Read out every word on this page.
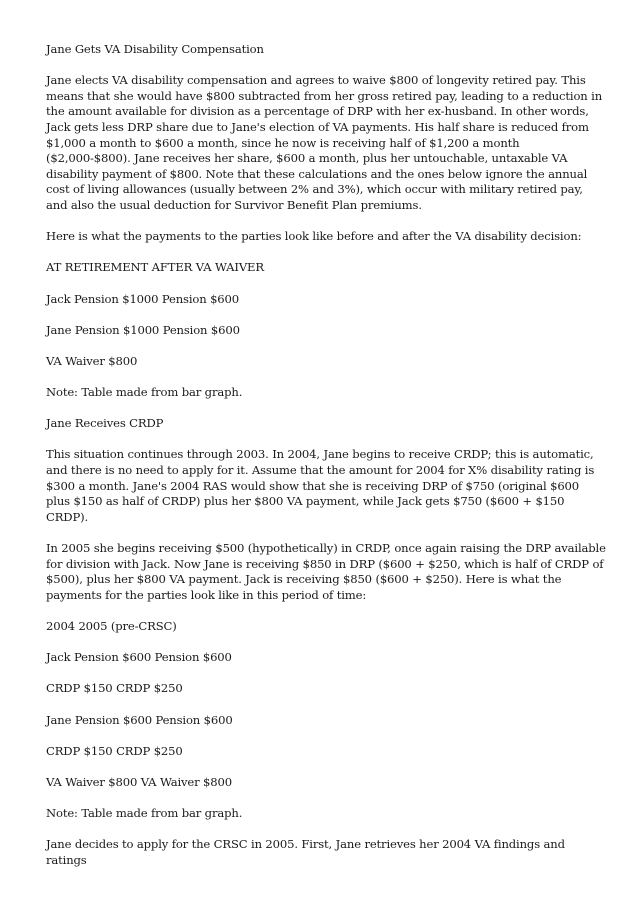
Jane Gets VA Disability Compensation

Jane elects VA disability compensation and agrees to waive $800 of longevity retired pay. This means that she would have $800 subtracted from her gross retired pay, leading to a reduction in the amount available for division as a percentage of DRP with her ex-husband. In other words, Jack gets less DRP share due to Jane's election of VA payments. His half share is reduced from $1,000 a month to $600 a month, since he now is receiving half of $1,200 a month ($2,000-$800). Jane receives her share, $600 a month, plus her untouchable, untaxable VA disability payment of $800. Note that these calculations and the ones below ignore the annual cost of living allowances (usually between 2% and 3%), which occur with military retired pay, and also the usual deduction for Survivor Benefit Plan premiums.

Here is what the payments to the parties look like before and after the VA disability decision:

AT RETIREMENT AFTER VA WAIVER

Jack Pension $1000 Pension $600

Jane Pension $1000 Pension $600

VA Waiver $800

Note: Table made from bar graph.

Jane Receives CRDP

This situation continues through 2003. In 2004, Jane begins to receive CRDP; this is automatic, and there is no need to apply for it. Assume that the amount for 2004 for X% disability rating is $300 a month. Jane's 2004 RAS would show that she is receiving DRP of $750 (original $600 plus $150 as half of CRDP) plus her $800 VA payment, while Jack gets $750 ($600 + $150 CRDP).

In 2005 she begins receiving $500 (hypothetically) in CRDP, once again raising the DRP available for division with Jack. Now Jane is receiving $850 in DRP ($600 + $250, which is half of CRDP of $500), plus her $800 VA payment. Jack is receiving $850 ($600 + $250). Here is what the payments for the parties look like in this period of time:

2004 2005 (pre-CRSC)

Jack Pension $600 Pension $600

CRDP $150 CRDP $250

Jane Pension $600 Pension $600

CRDP $150 CRDP $250

VA Waiver $800 VA Waiver $800

Note: Table made from bar graph.

Jane decides to apply for the CRSC in 2005. First, Jane retrieves her 2004 VA findings and ratings
